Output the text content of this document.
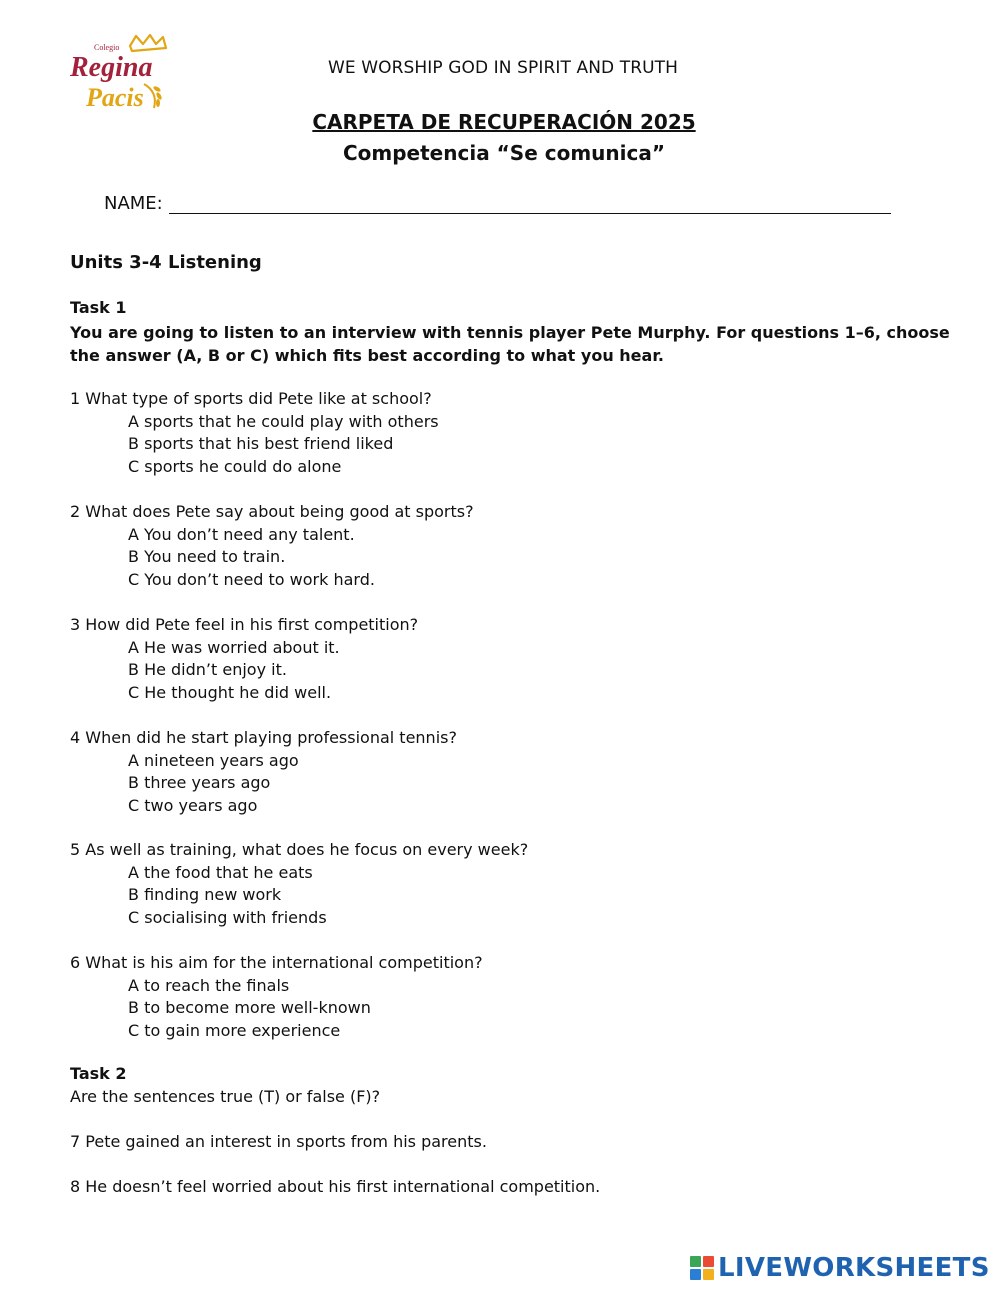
Colegio
Regina
Pacis
WE WORSHIP GOD IN SPIRIT AND TRUTH
CARPETA DE RECUPERACIÓN 2025
Competencia “Se comunica”
NAME:
Units 3-4 Listening
Task 1
You are going to listen to an interview with tennis player Pete Murphy. For questions 1–6, choose the answer (A, B or C) which fits best according to what you hear.
1 What type of sports did Pete like at school?
A sports that he could play with others
B sports that his best friend liked
C sports he could do alone
2 What does Pete say about being good at sports?
A You don’t need any talent.
B You need to train.
C You don’t need to work hard.
3 How did Pete feel in his first competition?
A He was worried about it.
B He didn’t enjoy it.
C He thought he did well.
4 When did he start playing professional tennis?
A nineteen years ago
B three years ago
C two years ago
5 As well as training, what does he focus on every week?
A the food that he eats
B finding new work
C socialising with friends
6 What is his aim for the international competition?
A to reach the finals
B to become more well-known
C to gain more experience
Task 2
Are the sentences true (T) or false (F)?
7 Pete gained an interest in sports from his parents.
8 He doesn’t feel worried about his first international competition.
LIVEWORKSHEETS
